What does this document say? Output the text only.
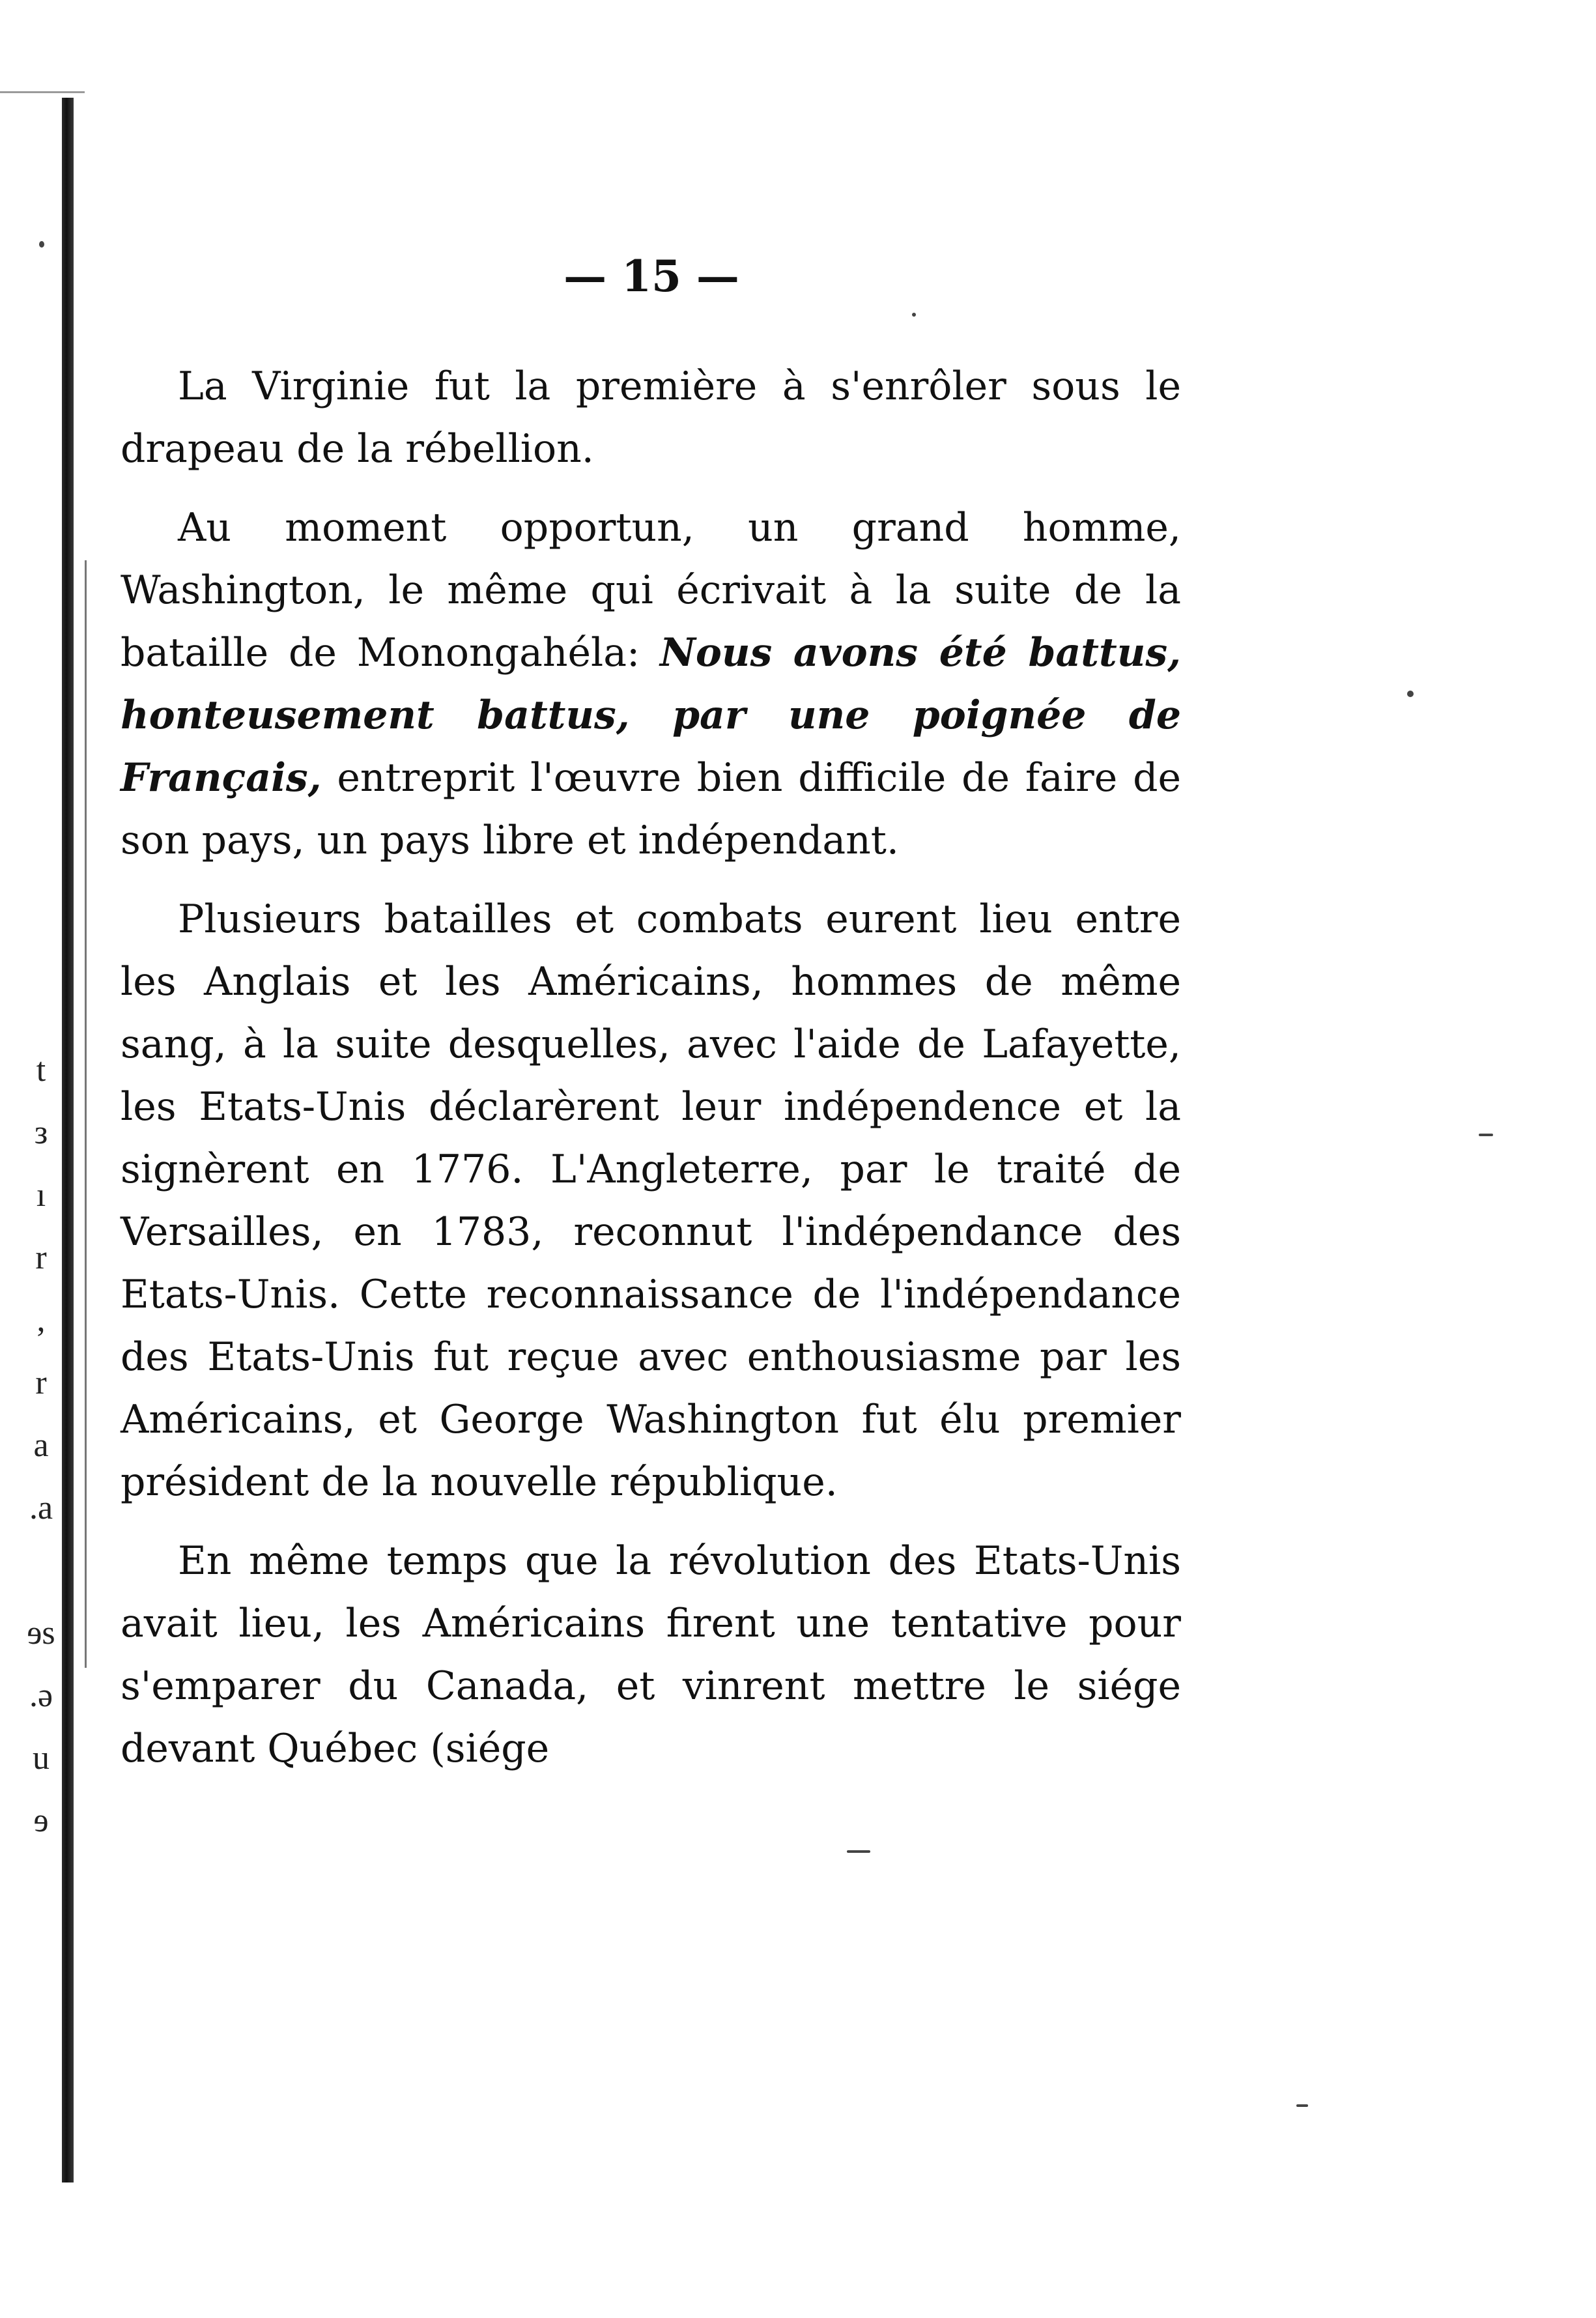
t
з
ı
r
,
r
a
.a
ɘs
.ə
u
ɘ
— 15 —

La Virginie fut la première à s'enrôler sous le drapeau de la rébellion.

Au moment opportun, un grand homme, Washington, le même qui écrivait à la suite de la bataille de Monongahéla: Nous avons été battus, honteusement battus, par une poignée de Français, entreprit l'œuvre bien difficile de faire de son pays, un pays libre et indépendant.

Plusieurs batailles et combats eurent lieu entre les Anglais et les Américains, hommes de même sang, à la suite desquelles, avec l'aide de Lafayette, les Etats-Unis déclarèrent leur indépendence et la signèrent en 1776. L'Angleterre, par le traité de Versailles, en 1783, reconnut l'indépendance des Etats-Unis. Cette reconnaissance de l'indépendance des Etats-Unis fut reçue avec enthousiasme par les Américains, et George Washington fut élu premier président de la nouvelle république.

En même temps que la révolution des Etats-Unis avait lieu, les Américains firent une tentative pour s'emparer du Canada, et vinrent mettre le siége devant Québec (siége
